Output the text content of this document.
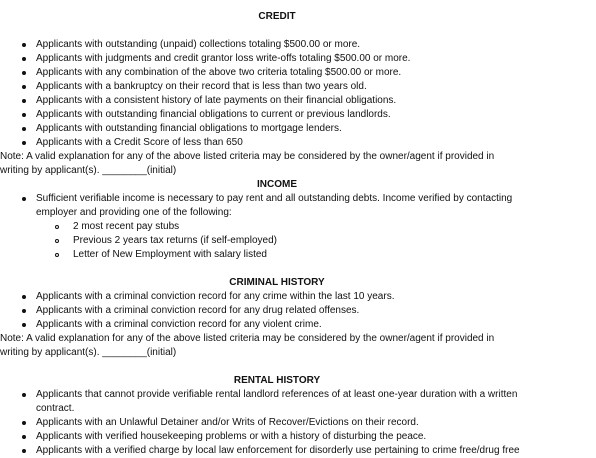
CREDIT
Applicants with outstanding (unpaid) collections totaling $500.00 or more.
Applicants with judgments and credit grantor loss write-offs totaling $500.00 or more.
Applicants with any combination of the above two criteria totaling $500.00 or more.
Applicants with a bankruptcy on their record that is less than two years old.
Applicants with a consistent history of late payments on their financial obligations.
Applicants with outstanding financial obligations to current or previous landlords.
Applicants with outstanding financial obligations to mortgage lenders.
Applicants with a Credit Score of less than 650
Note: A valid explanation for any of the above listed criteria may be considered by the owner/agent if provided in
writing by applicant(s). ________(initial)
INCOME
Sufficient verifiable income is necessary to pay rent and all outstanding debts. Income verified by contacting
employer and providing one of the following:
2 most recent pay stubs
Previous 2 years tax returns (if self-employed)
Letter of New Employment with salary listed
CRIMINAL HISTORY
Applicants with a criminal conviction record for any crime within the last 10 years.
Applicants with a criminal conviction record for any drug related offenses.
Applicants with a criminal conviction record for any violent crime.
Note: A valid explanation for any of the above listed criteria may be considered by the owner/agent if provided in
writing by applicant(s). ________(initial)
RENTAL HISTORY
Applicants that cannot provide verifiable rental landlord references of at least one-year duration with a written
contract.
Applicants with an Unlawful Detainer and/or Writs of Recover/Evictions on their record.
Applicants with verified housekeeping problems or with a history of disturbing the peace.
Applicants with a verified charge by local law enforcement for disorderly use pertaining to crime free/drug free
